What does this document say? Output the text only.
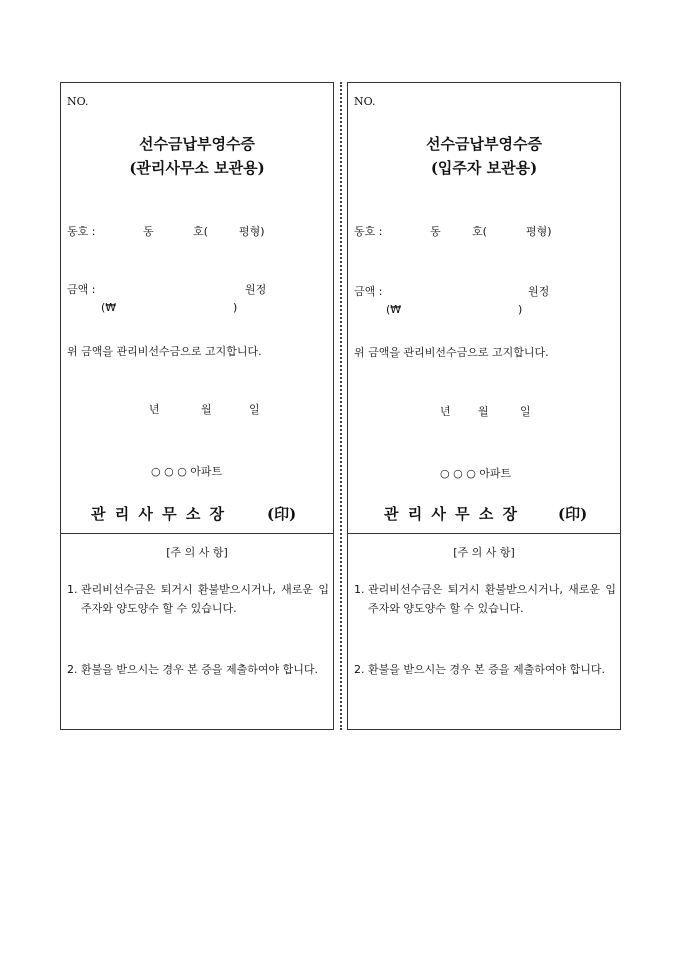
NO.
선수금납부영수증
(관리사무소 보관용)
동호 :	동	호(	평형)
금액 :	원정
(₩	)
위 금액을 관리비선수금으로 고지합니다.
년	월	일
○ ○ ○ 아파트
관 리 사 무 소 장	(印)
[주 의 사 항]
1. 관리비선수금은 퇴거시 환불받으시거나, 새로운 입주자와 양도양수 할 수 있습니다.
2. 환불을 받으시는 경우 본 증을 제출하여야 합니다.
NO.
선수금납부영수증
(입주자 보관용)
동호 :	동	호(	평형)
금액 :	원정
(₩	)
위 금액을 관리비선수금으로 고지합니다.
년 월	일
○ ○ ○ 아파트
관 리 사 무 소 장	(印)
[주 의 사 항]
1. 관리비선수금은 퇴거시 환불받으시거나, 새로운 입주자와 양도양수 할 수 있습니다.
2. 환불을 받으시는 경우 본 증을 제출하여야 합니다.
